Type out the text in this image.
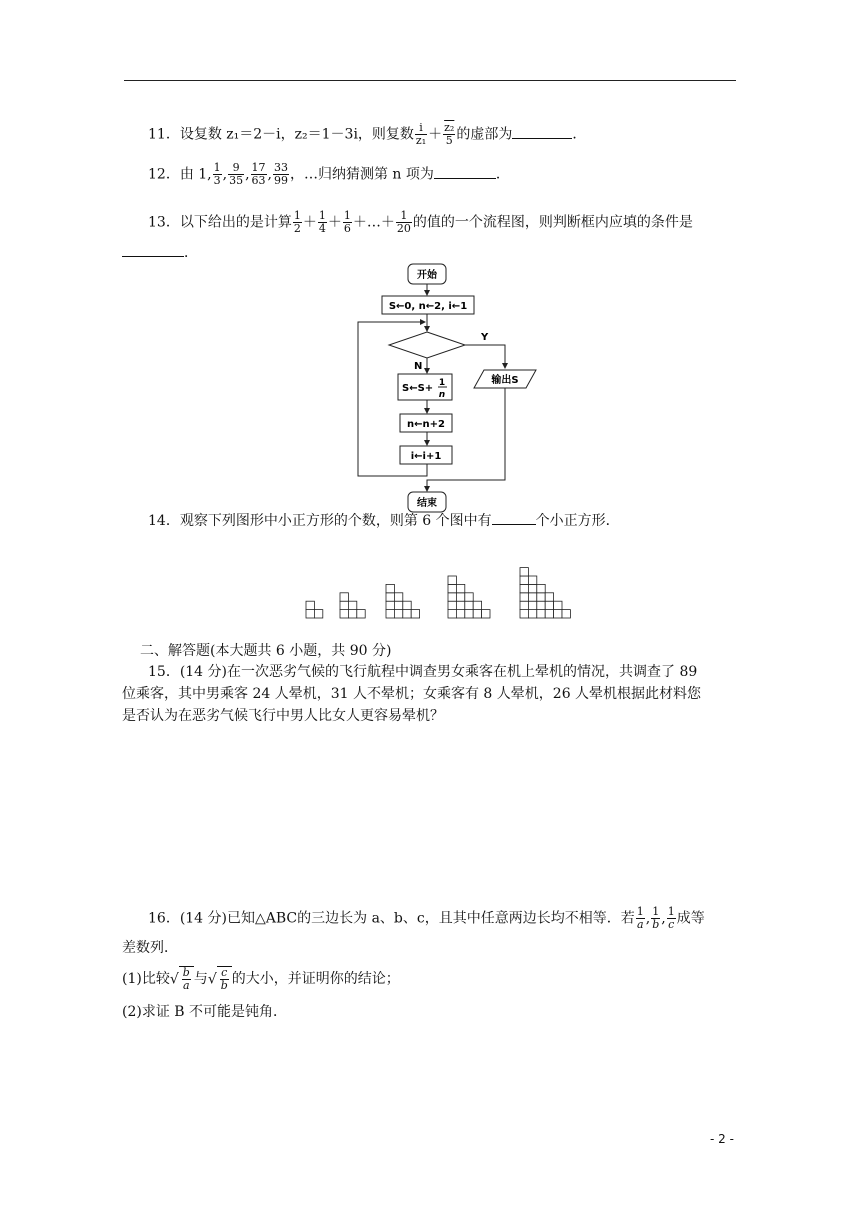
11．设复数 z₁＝2－i，z₂＝1－3i，则复数 $\frac{i}{\text{z₁}} + \frac{\text{z₂}}{5}$ 的虚部为	．
12．由 1, $\frac{1}{3}$ , $\frac{9}{35}$ , $\frac{17}{63}$ , $\frac{33}{99}$ ，…归纳猜测第 n 项为	．
13．以下给出的是计算 $\frac{1}{2} + \frac{1}{4} + \frac{1}{6}$ ＋…＋ $\frac{1}{20}$ 的值的一个流程图，则判断框内应填的条件是
．
开始
S←0, n←2, i←1
Y
N
S←S+ 1
n
n←n+2
i←i+1
输出S
结束
14．观察下列图形中小正方形的个数，则第 6 个图中有	个小正方形．
二、解答题(本大题共 6 小题，共 90 分)
15．(14 分)在一次恶劣气候的飞行航程中调查男女乘客在机上晕机的情况，共调查了 89
位乘客，其中男乘客 24 人晕机，31 人不晕机；女乘客有 8 人晕机，26 人晕机根据此材料您
是否认为在恶劣气候飞行中男人比女人更容易晕机？
16．(14 分)已知△ABC的三边长为 a、b、c，且其中任意两边长均不相等．若 $\frac{1}{a}$ , $\frac{1}{b}$ , $\frac{1}{c}$ 成等
差数列．
(1)比较√ $\frac{b}{a}$ 与√ $\frac{c}{b}$ 的大小，并证明你的结论；
(2)求证 B 不可能是钝角．
- 2 -
